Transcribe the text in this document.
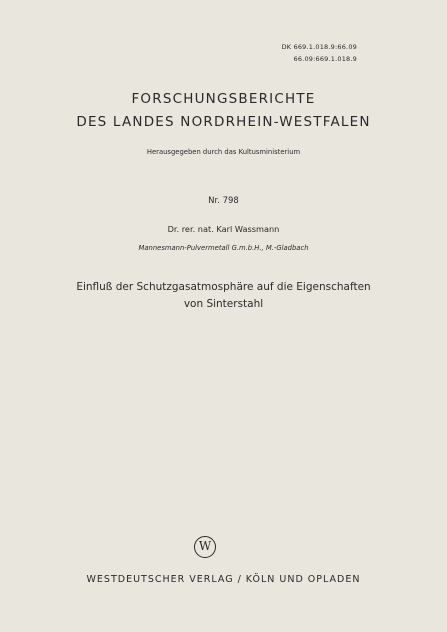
DK 669.1.018.9:66.09
66.09:669.1.018.9
FORSCHUNGSBERICHTE
DES LANDES NORDRHEIN-WESTFALEN
Herausgegeben durch das Kultusministerium
Nr. 798
Dr. rer. nat. Karl Wassmann
Mannesmann-Pulvermetall G.m.b.H., M.-Gladbach
Einfluß der Schutzgasatmosphäre auf die Eigenschaften
von Sinterstahl
W
WESTDEUTSCHER VERLAG / KÖLN UND OPLADEN
